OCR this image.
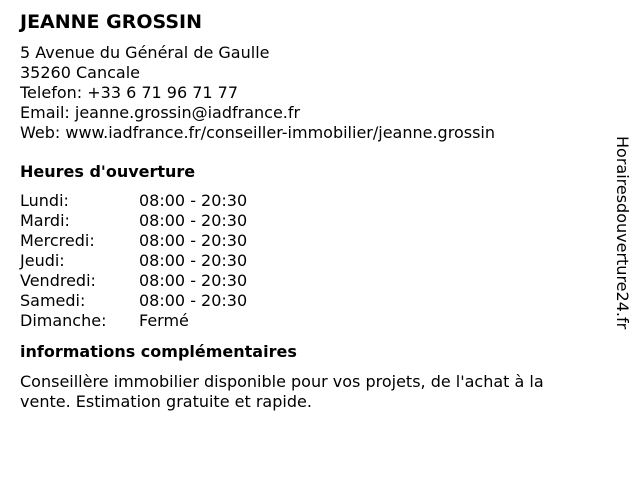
JEANNE GROSSIN
5 Avenue du Général de Gaulle
35260 Cancale
Telefon: +33 6 71 96 71 77
Email: jeanne.grossin@iadfrance.fr
Web: www.iadfrance.fr/conseiller-immobilier/jeanne.grossin
Heures d'ouverture
Lundi:	08:00 - 20:30
Mardi:	08:00 - 20:30
Mercredi:	08:00 - 20:30
Jeudi:	08:00 - 20:30
Vendredi:	08:00 - 20:30
Samedi:	08:00 - 20:30
Dimanche:	Fermé
informations complémentaires
Conseillère immobilier disponible pour vos projets, de l'achat à la vente. Estimation gratuite et rapide.
Horairesdouverture24.fr
